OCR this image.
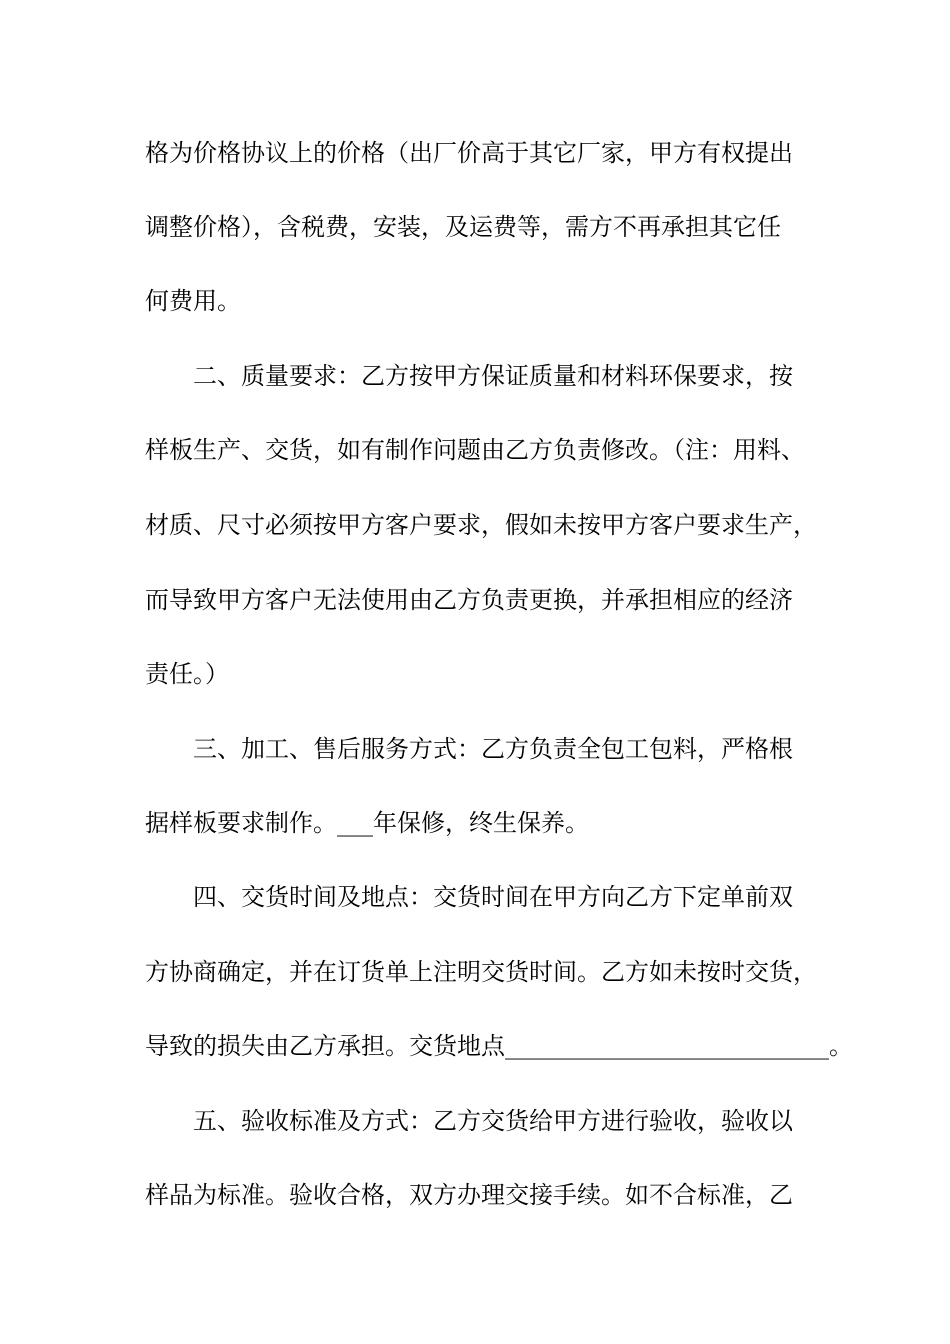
格为价格协议上的价格（出厂价高于其它厂家，甲方有权提出
调整价格），含税费，安装，及运费等，需方不再承担其它任
何费用。
二、质量要求：乙方按甲方保证质量和材料环保要求，按
样板生产、交货，如有制作问题由乙方负责修改。（注：用料、
材质、尺寸必须按甲方客户要求，假如未按甲方客户要求生产，
而导致甲方客户无法使用由乙方负责更换，并承担相应的经济
责任。）
三、加工、售后服务方式：乙方负责全包工包料，严格根
据样板要求制作。___年保修，终生保养。
四、交货时间及地点：交货时间在甲方向乙方下定单前双
方协商确定，并在订货单上注明交货时间。乙方如未按时交货，
导致的损失由乙方承担。交货地点___________________________。
五、验收标准及方式：乙方交货给甲方进行验收，验收以
样品为标准。验收合格，双方办理交接手续。如不合标准，乙
